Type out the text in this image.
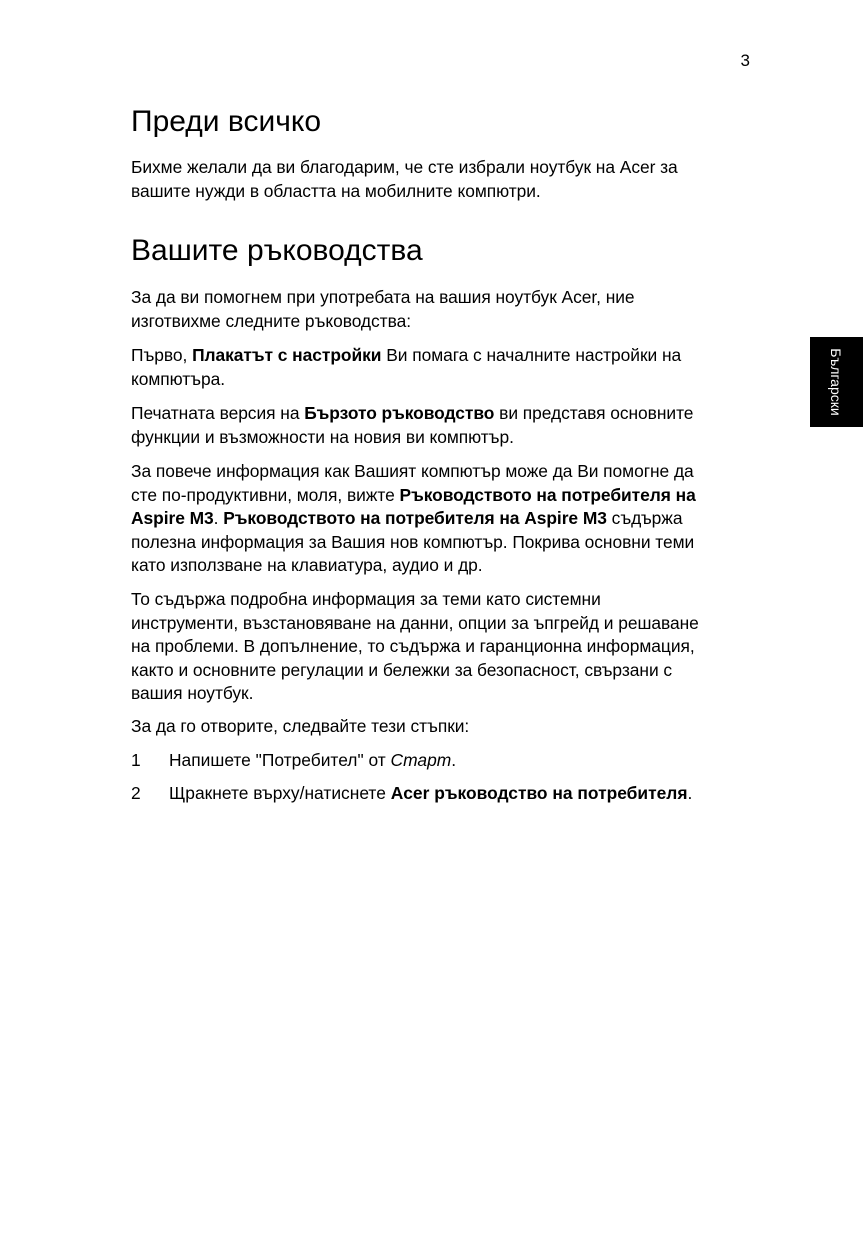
3
Български
Преди всичко

Бихме желали да ви благодарим, че сте избрали ноутбук на Acer за
вашите нужди в областта на мобилните компютри.

Вашите ръководства

За да ви помогнем при употребата на вашия ноутбук Acer, ние
изготвихме следните ръководства:

Първо, Плакатът с настройки Ви помага с началните настройки на
компютъра.

Печатната версия на Бързото ръководство ви представя основните
функции и възможности на новия ви компютър.

За повече информация как Вашият компютър може да Ви помогне да
сте по-продуктивни, моля, вижте Ръководството на потребителя на
Aspire M3. Ръководството на потребителя на Aspire M3 съдържа
полезна информация за Вашия нов компютър. Покрива основни теми
като използване на клавиатура, аудио и др.

То съдържа подробна информация за теми като системни
инструменти, възстановяване на данни, опции за ъпгрейд и решаване
на проблеми. В допълнение, то съдържа и гаранционна информация,
както и основните регулации и бележки за безопасност, свързани с
вашия ноутбук.

За да го отворите, следвайте тези стъпки:

1 Напишете "Потребител" от Старт.

2 Щракнете върху/натиснете Acer ръководство на потребителя.
